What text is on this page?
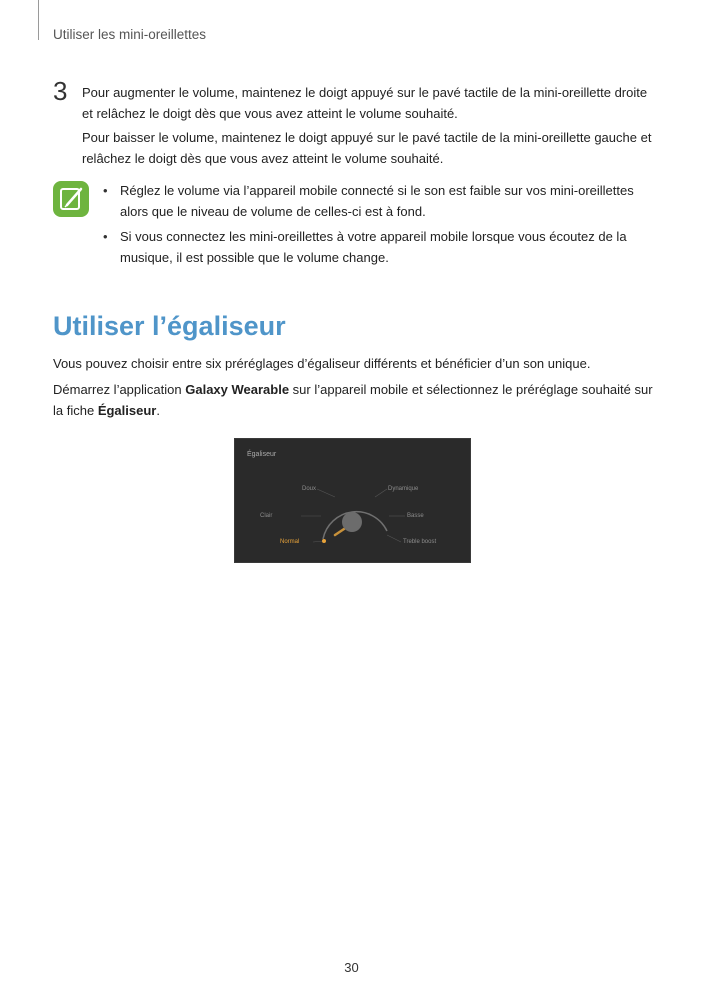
Utiliser les mini-oreillettes
3 Pour augmenter le volume, maintenez le doigt appuyé sur le pavé tactile de la mini-oreillette droite et relâchez le doigt dès que vous avez atteint le volume souhaité.
Pour baisser le volume, maintenez le doigt appuyé sur le pavé tactile de la mini-oreillette gauche et relâchez le doigt dès que vous avez atteint le volume souhaité.
• Réglez le volume via l’appareil mobile connecté si le son est faible sur vos mini-oreillettes alors que le niveau de volume de celles-ci est à fond.
• Si vous connectez les mini-oreillettes à votre appareil mobile lorsque vous écoutez de la musique, il est possible que le volume change.
Utiliser l’égaliseur
Vous pouvez choisir entre six préréglages d’égaliseur différents et bénéficier d’un son unique.
Démarrez l’application Galaxy Wearable sur l’appareil mobile et sélectionnez le préréglage souhaité sur la fiche Égaliseur.
Égaliseur
Doux	Dynamique
Clair	Basse
Treble boost
Normal
30
